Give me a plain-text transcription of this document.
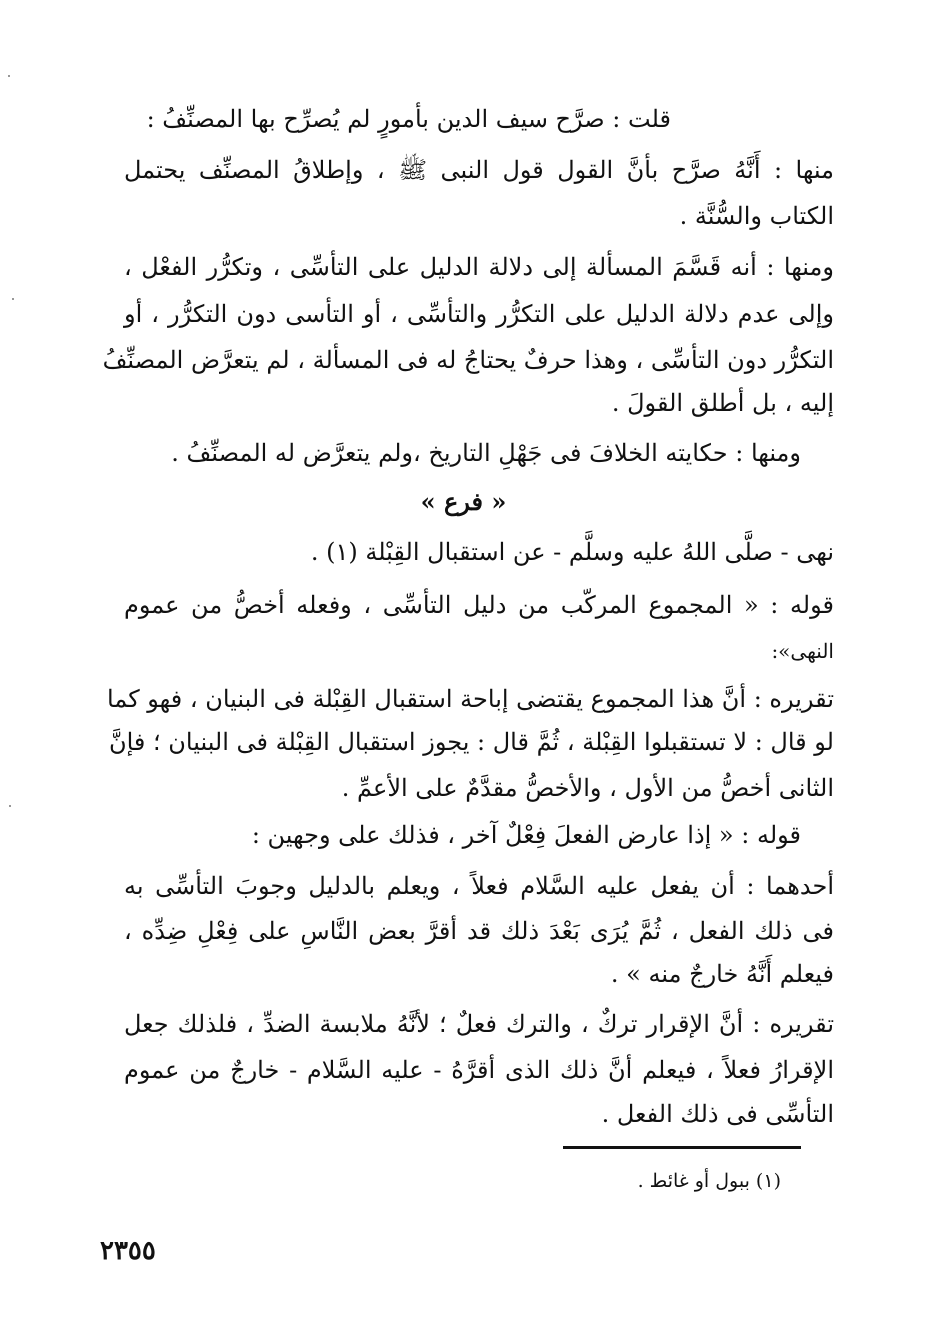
قلت : صرَّح سيف الدين بأمورٍ لم يُصرِّح بها المصنِّفُ :
منها : أَنَّهُ صرَّح بأنَّ القول قول النبى ﷺ ، وإطلاقُ المصنِّف يحتمل
الكتاب والسُّنَّة .
ومنها : أنه قَسَّمَ المسألة إلى دلالة الدليل على التأسِّى ، وتكرُّر الفعْل ،
وإلى عدم دلالة الدليل على التكرُّر والتأسِّى ، أو التأسى دون التكرُّر ، أو
التكرُّر دون التأسِّى ، وهذا حرفٌ يحتاجُ له فى المسألة ، لم يتعرَّض المصنِّفُ
إليه ، بل أطلق القولَ .
ومنها : حكايته الخلافَ فى جَهْلِ التاريخ ،ولم يتعرَّض له المصنِّفُ .
« فرع »
نهى - صلَّى اللهُ عليه وسلَّم - عن استقبال القِبْلة (١) .
قوله : « المجموع المركّب من دليل التأسِّى ، وفعله أخصُّ من عموم
النهى»:
تقريره : أنَّ هذا المجموع يقتضى إباحة استقبال القِبْلة فى البنيان ، فهو كما
لو قال : لا تستقبلوا القِبْلة ، ثُمَّ قال : يجوز استقبال القِبْلة فى البنيان ؛ فإنَّ
الثانى أخصُّ من الأول ، والأخصُّ مقدَّمٌ على الأعمِّ .
قوله : « إذا عارض الفعلَ فِعْلٌ آخر ، فذلك على وجهين :
أحدهما : أن يفعل عليه السَّلام فعلاً ، ويعلم بالدليل وجوبَ التأسِّى به
فى ذلك الفعل ، ثُمَّ يُرَى بَعْدَ ذلك قد أقرَّ بعض النَّاسِ على فِعْلِ ضِدِّه ،
فيعلم أَنَّهُ خارجٌ منه » .
تقريره : أنَّ الإقرار تركٌ ، والترك فعلٌ ؛ لأنَّهُ ملابسة الضدِّ ، فلذلك جعل
الإقرارُ فعلاً ، فيعلم أنَّ ذلك الذى أقرَّهُ - عليه السَّلام - خارجٌ من عموم
التأسِّى فى ذلك الفعل .
(١) ببول أو غائط .
٢٣٥٥
